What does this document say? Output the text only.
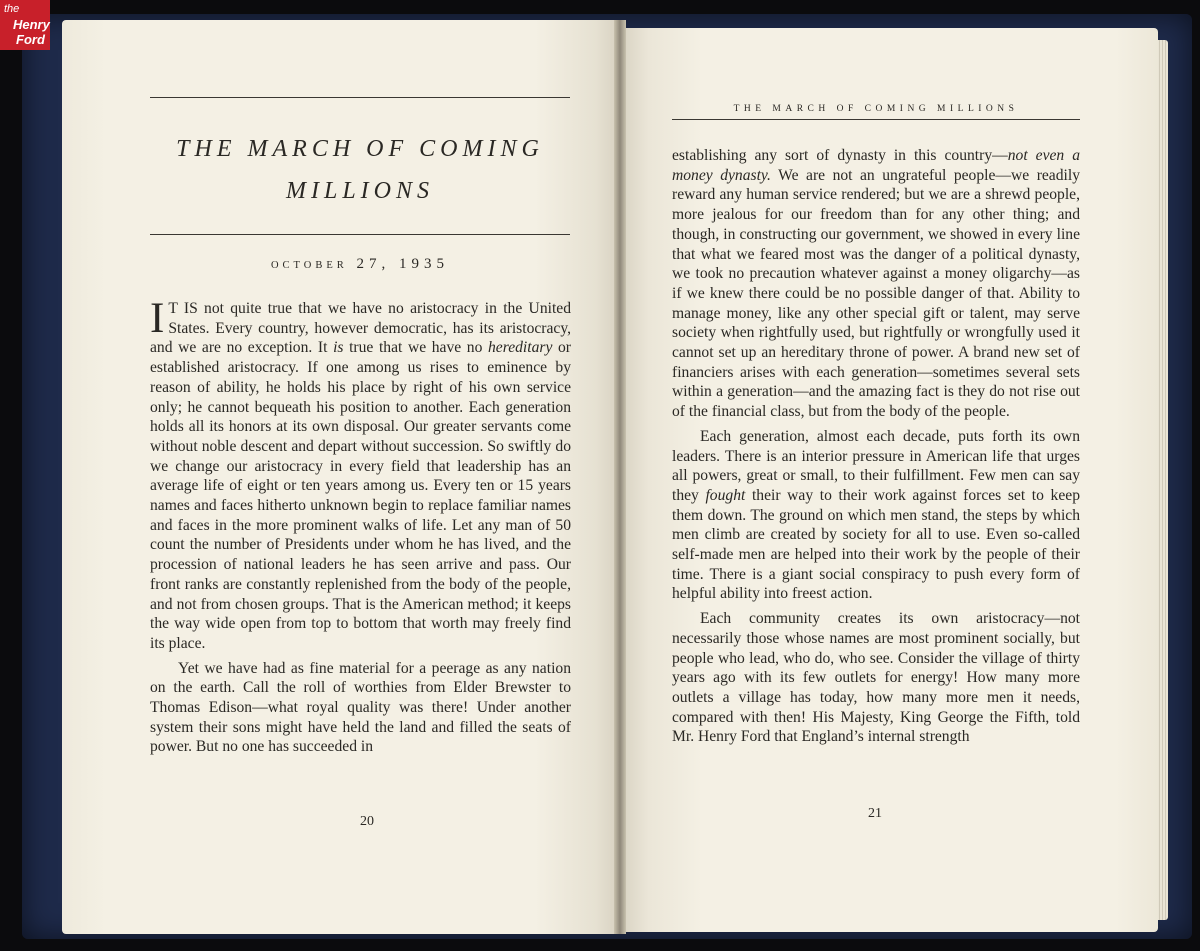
the
Henry
Ford
THE MARCH OF COMING
MILLIONS
OCTOBER 27, 1935

I T IS not quite true that we have no aristocracy in the United States. Every country, however democratic, has its aristocracy, and we are no exception. It is true that we have no hereditary or established aristocracy. If one among us rises to eminence by reason of ability, he holds his place by right of his own service only; he cannot bequeath his position to another. Each generation holds all its honors at its own disposal. Our greater servants come without noble descent and depart without succession. So swiftly do we change our aristocracy in every field that leadership has an average life of eight or ten years among us. Every ten or 15 years names and faces hitherto unknown begin to replace familiar names and faces in the more prominent walks of life. Let any man of 50 count the number of Presidents under whom he has lived, and the procession of national leaders he has seen arrive and pass. Our front ranks are constantly replenished from the body of the people, and not from chosen groups. That is the American method; it keeps the way wide open from top to bottom that worth may freely find its place.

Yet we have had as fine material for a peerage as any nation on the earth. Call the roll of worthies from Elder Brewster to Thomas Edison—what royal quality was there! Under another system their sons might have held the land and filled the seats of power. But no one has succeeded in

20
THE MARCH OF COMING MILLIONS

establishing any sort of dynasty in this country—not even a money dynasty. We are not an ungrateful people—we readily reward any human service rendered; but we are a shrewd people, more jealous for our freedom than for any other thing; and though, in constructing our government, we showed in every line that what we feared most was the danger of a political dynasty, we took no precaution whatever against a money oligarchy—as if we knew there could be no possible danger of that. Ability to manage money, like any other special gift or talent, may serve society when rightfully used, but rightfully or wrongfully used it cannot set up an hereditary throne of power. A brand new set of financiers arises with each generation—sometimes several sets within a generation—and the amazing fact is they do not rise out of the financial class, but from the body of the people.

Each generation, almost each decade, puts forth its own leaders. There is an interior pressure in American life that urges all powers, great or small, to their fulfillment. Few men can say they fought their way to their work against forces set to keep them down. The ground on which men stand, the steps by which men climb are created by society for all to use. Even so-called self-made men are helped into their work by the people of their time. There is a giant social conspiracy to push every form of helpful ability into freest action.

Each community creates its own aristocracy—not necessarily those whose names are most prominent socially, but people who lead, who do, who see. Consider the village of thirty years ago with its few outlets for energy! How many more outlets a village has today, how many more men it needs, compared with then! His Majesty, King George the Fifth, told Mr. Henry Ford that England’s internal strength

21
